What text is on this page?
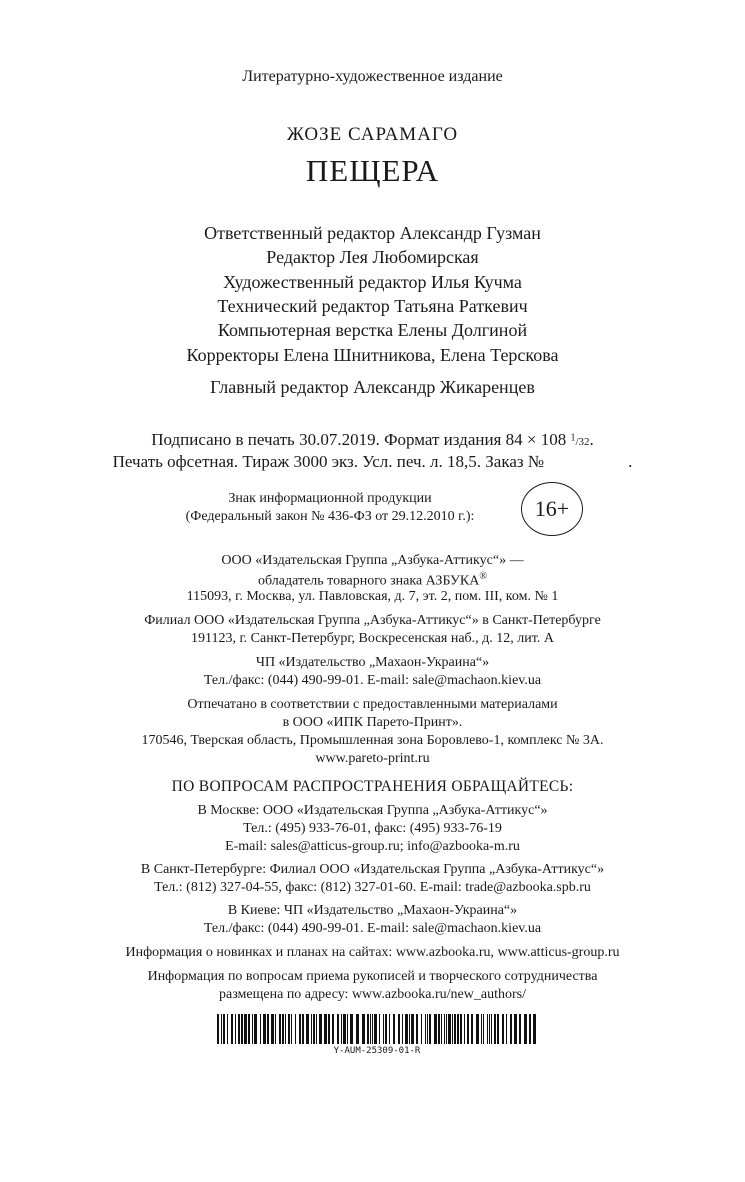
Литературно-художественное издание
ЖОЗЕ САРАМАГО
ПЕЩЕРА
Ответственный редактор Александр Гузман
Редактор Лея Любомирская
Художественный редактор Илья Кучма
Технический редактор Татьяна Раткевич
Компьютерная верстка Елены Долгиной
Корректоры Елена Шнитникова, Елена Терскова
Главный редактор Александр Жикаренцев
Подписано в печать 30.07.2019. Формат издания 84 × 108 $^1$/32.
Печать офсетная. Тираж 3000 экз. Усл. печ. л. 18,5. Заказ №	.
Знак информационной продукции
(Федеральный закон № 436-ФЗ от 29.12.2010 г.):	16+
ООО «Издательская Группа „Азбука-Аттикус“» —
обладатель товарного знака АЗБУКА®
115093, г. Москва, ул. Павловская, д. 7, эт. 2, пом. III, ком. № 1
Филиал ООО «Издательская Группа „Азбука-Аттикус“» в Санкт-Петербурге
191123, г. Санкт-Петербург, Воскресенская наб., д. 12, лит. А
ЧП «Издательство „Махаон-Украина“»
Тел./факс: (044) 490-99-01. E-mail: sale@machaon.kiev.ua
Отпечатано в соответствии с предоставленными материалами
в ООО «ИПК Парето-Принт».
170546, Тверская область, Промышленная зона Боровлево-1, комплекс № 3А.
www.pareto-print.ru
ПО ВОПРОСАМ РАСПРОСТРАНЕНИЯ ОБРАЩАЙТЕСЬ:
В Москве: ООО «Издательская Группа „Азбука-Аттикус“»
Тел.: (495) 933-76-01, факс: (495) 933-76-19
E-mail: sales@atticus-group.ru; info@azbooka-m.ru
В Санкт-Петербурге: Филиал ООО «Издательская Группа „Азбука-Аттикус“»
Тел.: (812) 327-04-55, факс: (812) 327-01-60. E-mail: trade@azbooka.spb.ru
В Киеве: ЧП «Издательство „Махаон-Украина“»
Тел./факс: (044) 490-99-01. E-mail: sale@machaon.kiev.ua
Информация о новинках и планах на сайтах: www.azbooka.ru, www.atticus-group.ru
Информация по вопросам приема рукописей и творческого сотрудничества
размещена по адресу: www.azbooka.ru/new_authors/
Y-AUM-25309-01-R
